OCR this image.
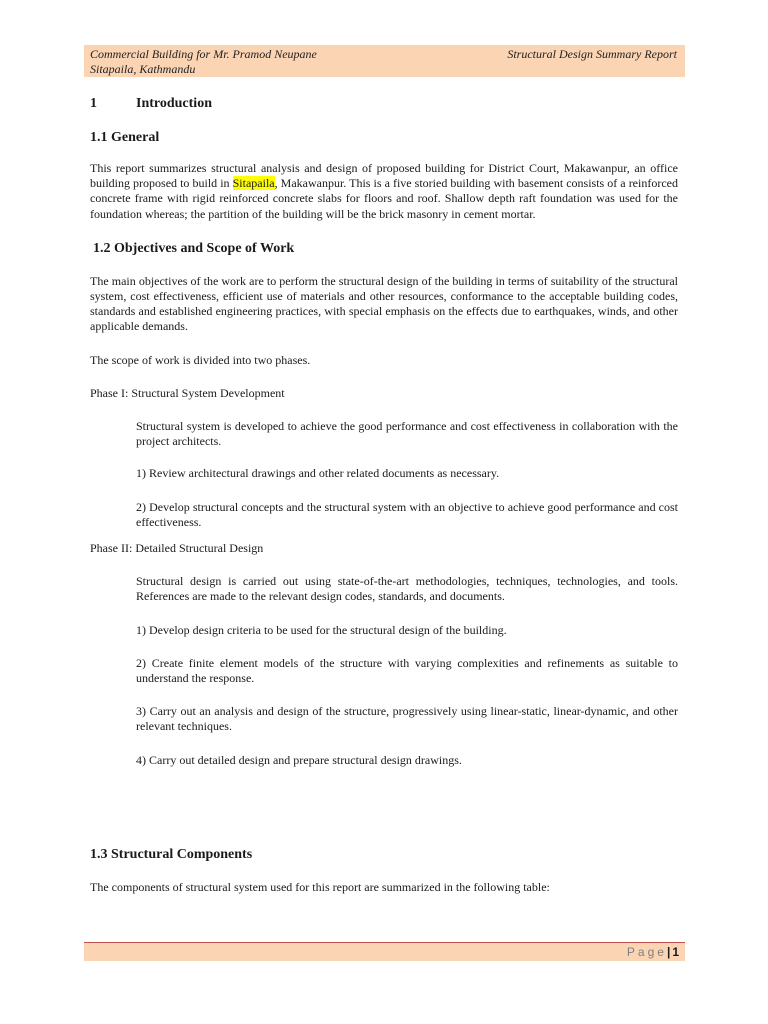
Commercial Building for Mr. Pramod Neupane
Sitapaila, Kathmandu
Structural Design Summary Report
1	Introduction
1.1 General

This report summarizes structural analysis and design of proposed building for District Court, Makawanpur, an office building proposed to build in Sitapaila, Makawanpur. This is a five storied building with basement consists of a reinforced concrete frame with rigid reinforced concrete slabs for floors and roof. Shallow depth raft foundation was used for the foundation whereas; the partition of the building will be the brick masonry in cement mortar.

1.2 Objectives and Scope of Work

The main objectives of the work are to perform the structural design of the building in terms of suitability of the structural system, cost effectiveness, efficient use of materials and other resources, conformance to the acceptable building codes, standards and established engineering practices, with special emphasis on the effects due to earthquakes, winds, and other applicable demands.

The scope of work is divided into two phases.

Phase I: Structural System Development

Structural system is developed to achieve the good performance and cost effectiveness in collaboration with the project architects.

1) Review architectural drawings and other related documents as necessary.

2) Develop structural concepts and the structural system with an objective to achieve good performance and cost effectiveness.

Phase II: Detailed Structural Design

Structural design is carried out using state-of-the-art methodologies, techniques, technologies, and tools. References are made to the relevant design codes, standards, and documents.

1) Develop design criteria to be used for the structural design of the building.

2) Create finite element models of the structure with varying complexities and refinements as suitable to understand the response.

3) Carry out an analysis and design of the structure, progressively using linear-static, linear-dynamic, and other relevant techniques.

4) Carry out detailed design and prepare structural design drawings.

1.3 Structural Components

The components of structural system used for this report are summarized in the following table:

Page| 1
